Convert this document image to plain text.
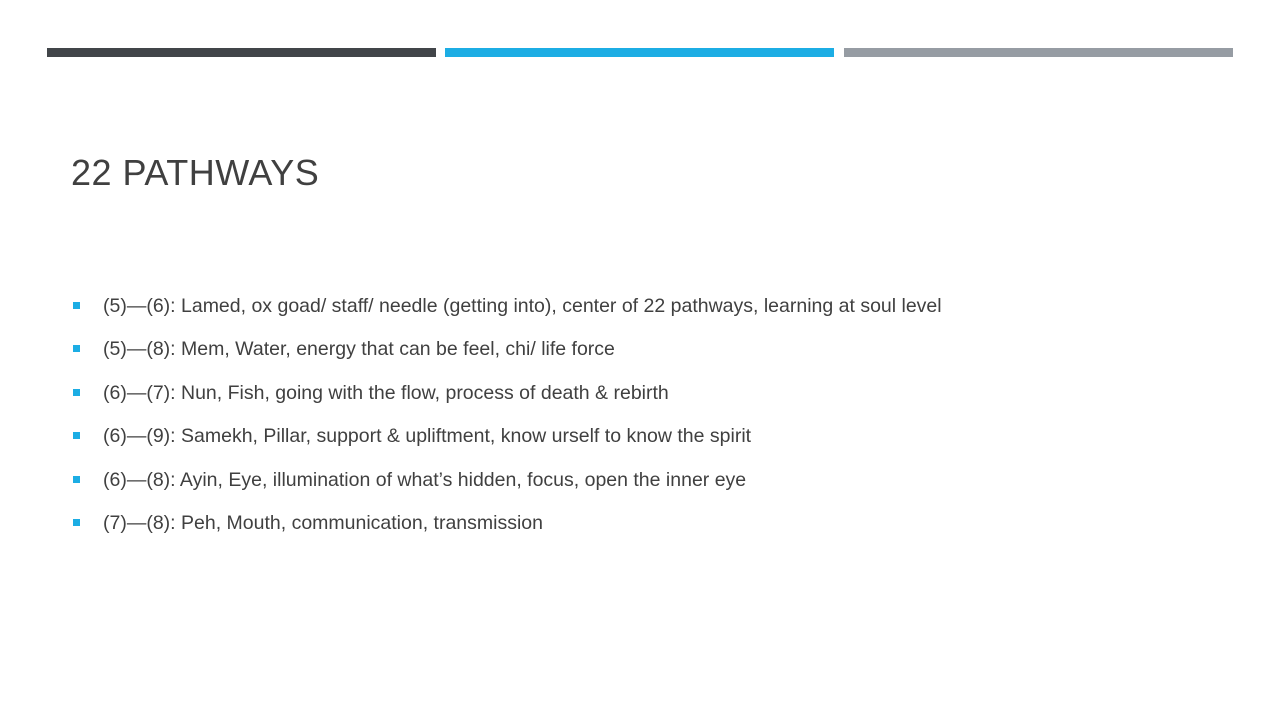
22 PATHWAYS
(5)—(6): Lamed, ox goad/ staff/ needle (getting into), center of 22 pathways, learning at soul level
(5)—(8): Mem, Water, energy that can be feel, chi/ life force
(6)—(7): Nun, Fish, going with the flow, process of death & rebirth
(6)—(9): Samekh, Pillar, support & upliftment, know urself to know the spirit
(6)—(8): Ayin, Eye, illumination of what’s hidden, focus, open the inner eye
(7)—(8): Peh, Mouth, communication, transmission
